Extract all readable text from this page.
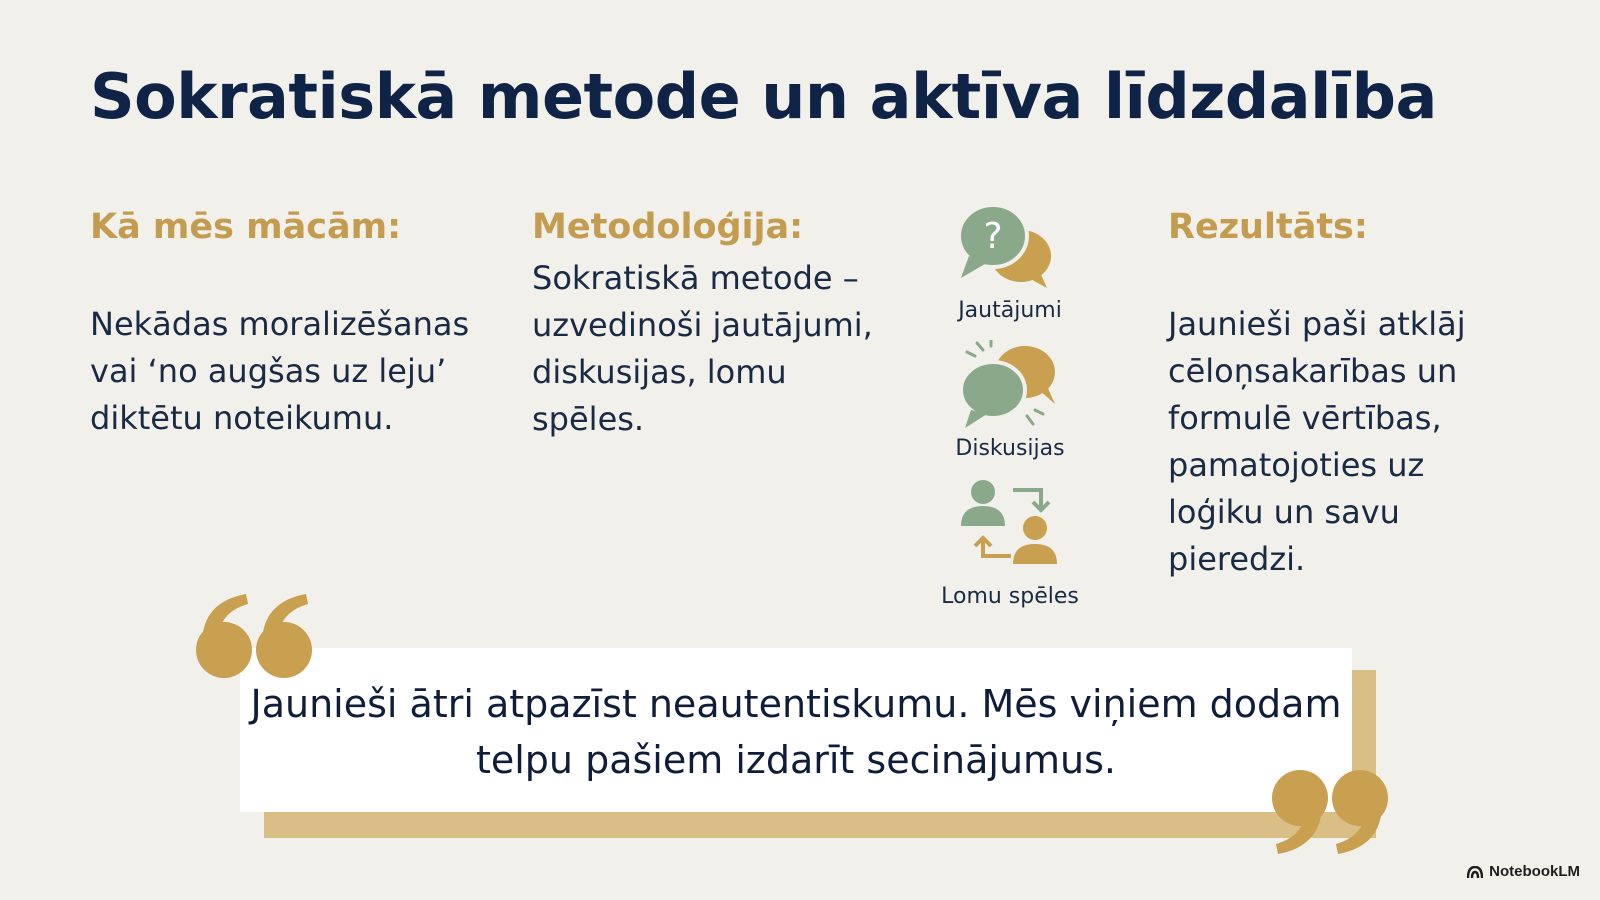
Sokratiskā metode un aktīva līdzdalība
Kā mēs mācām:

Nekādas moralizēšanas vai ‘no augšas uz leju’ diktētu noteikumu.

Metodoloģija:

Sokratiskā metode – uzvedinoši jautājumi, diskusijas, lomu spēles.

?
Jautājumi
Diskusijas
Lomu spēles
Rezultāts:

Jaunieši paši atklāj cēloņsakarības un formulē vērtības, pamatojoties uz loģiku un savu pieredzi.

Jaunieši ātri atpazīst neautentiskumu. Mēs viņiem dodam telpu pašiem izdarīt secinājumus.

NotebookLM
